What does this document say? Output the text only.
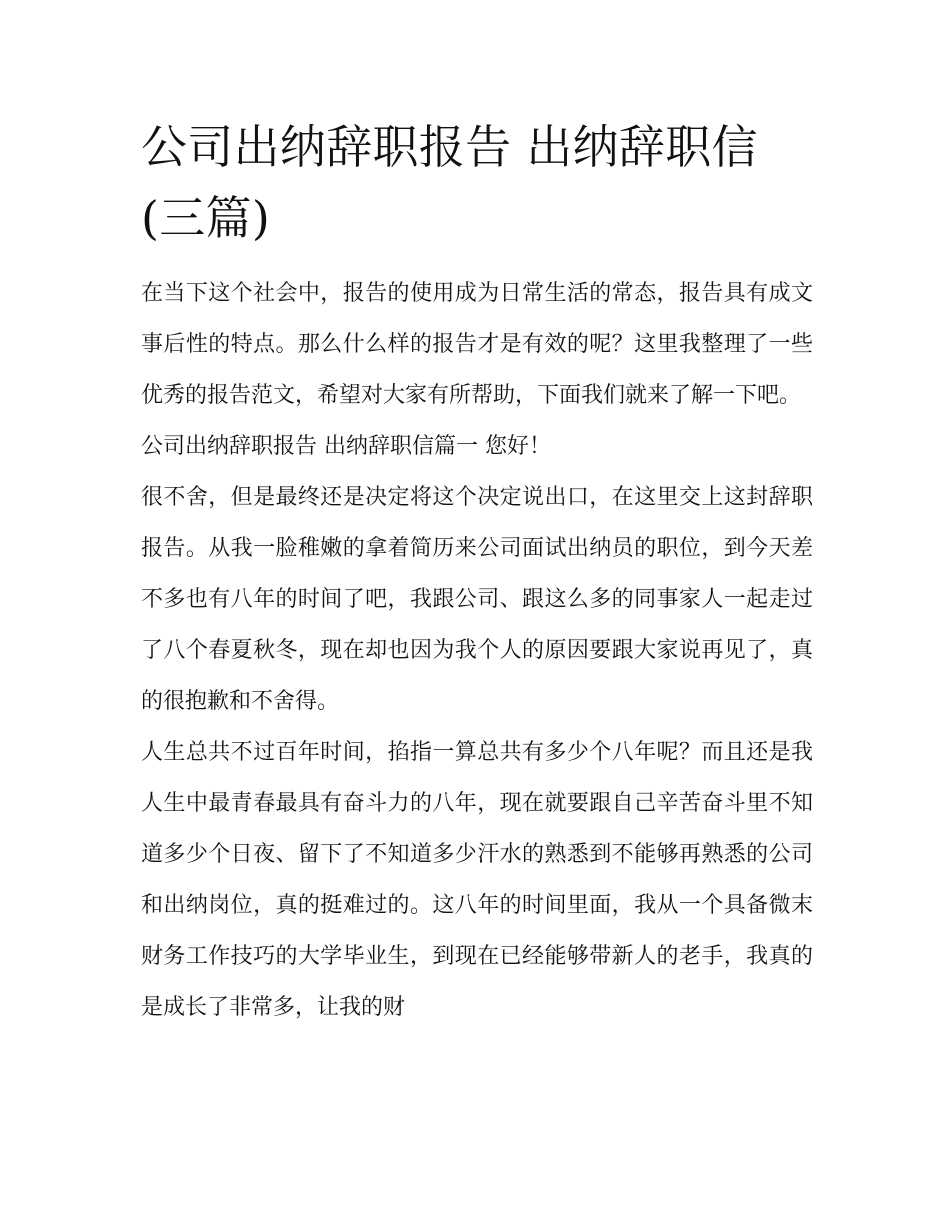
公司出纳辞职报告 出纳辞职信(三篇)

在当下这个社会中，报告的使用成为日常生活的常态，报告具有成文事后性的特点。那么什么样的报告才是有效的呢？这里我整理了一些优秀的报告范文，希望对大家有所帮助，下面我们就来了解一下吧。

公司出纳辞职报告 出纳辞职信篇一 您好！

很不舍，但是最终还是决定将这个决定说出口，在这里交上这封辞职报告。从我一脸稚嫩的拿着简历来公司面试出纳员的职位，到今天差不多也有八年的时间了吧，我跟公司、跟这么多的同事家人一起走过了八个春夏秋冬，现在却也因为我个人的原因要跟大家说再见了，真的很抱歉和不舍得。

人生总共不过百年时间，掐指一算总共有多少个八年呢？而且还是我人生中最青春最具有奋斗力的八年，现在就要跟自己辛苦奋斗里不知道多少个日夜、留下了不知道多少汗水的熟悉到不能够再熟悉的公司和出纳岗位，真的挺难过的。这八年的时间里面，我从一个具备微末财务工作技巧的大学毕业生，到现在已经能够带新人的老手，我真的是成长了非常多，让我的财
